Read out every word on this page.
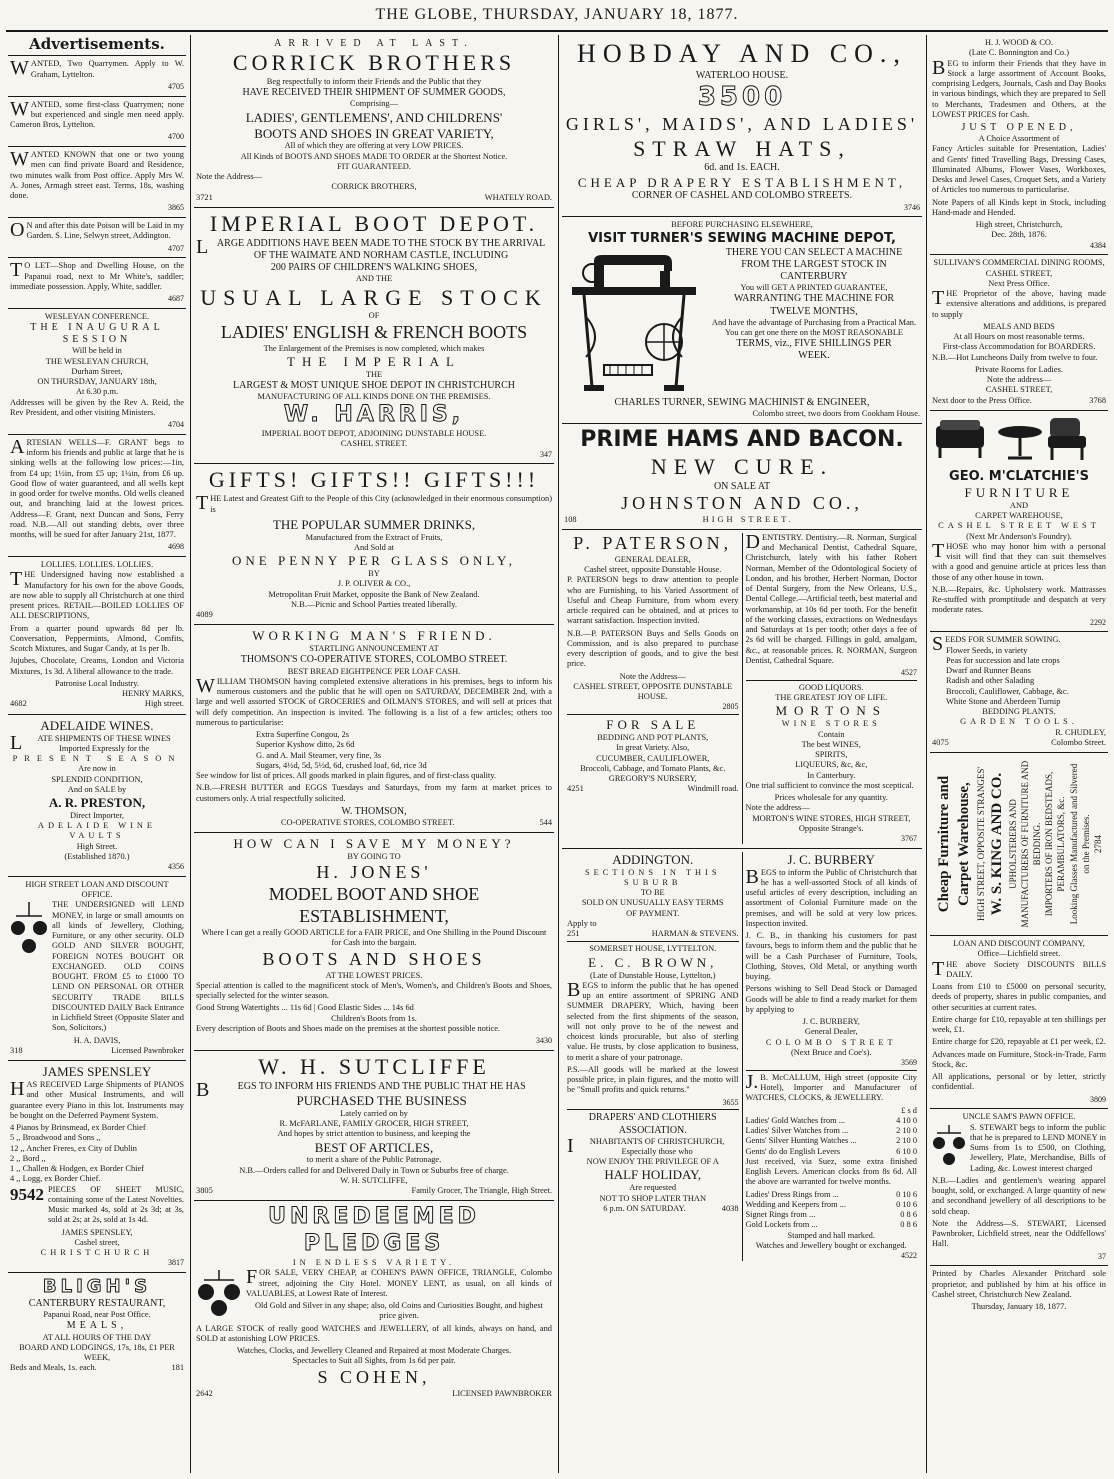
THE GLOBE, THURSDAY, JANUARY 18, 1877.
Advertisements.

WANTED, Two Quarrymen. Apply to W. Graham, Lyttelton.

4705

WANTED, some first-class Quarrymen; none but experienced and single men need apply. Cameron Bros, Lyttelton.

4700

WANTED KNOWN that one or two young men can find private Board and Residence, two minutes walk from Post office. Apply Mrs W. A. Jones, Armagh street east. Terms, 18s, washing done.

3865

ON and after this date Poison will be Laid in my Garden. S. Line, Selwyn street, Addington.

4707

TO LET—Shop and Dwelling House, on the Papanui road, next to Mr White's, saddler; immediate possession. Apply, White, saddler.

4687
WESLEYAN CONFERENCE.
THE INAUGURAL SESSION
Will be held in
THE WESLEYAN CHURCH,
Durham Street,
ON THURSDAY, JANUARY 18th,
At 6.30 p.m.

Addresses will be given by the Rev A. Reid, the Rev President, and other visiting Ministers.

4704

ARTESIAN WELLS—F. GRANT begs to inform his friends and public at large that he is sinking wells at the following low prices:—1in, from £4 up; 1½in, from £5 up; 1¼in, from £6 up. Good flow of water guaranteed, and all wells kept in good order for twelve months. Old wells cleaned out, and branching laid at the lowest prices. Address—F. Grant, next Duncan and Sons, Ferry road. N.B.—All out standing debts, over three months, will be sued for after January 21st, 1877.

4698
LOLLIES. LOLLIES. LOLLIES.

THE Undersigned having now established a Manufactory for his own for the above Goods, are now able to supply all Christchurch at one third present prices. RETAIL—BOILED LOLLIES OF ALL DESCRIPTIONS,

From a quarter pound upwards 8d per lb. Conversation, Peppermints, Almond, Comfits, Scotch Mixtures, and Sugar Candy, at 1s per lb.

Jujubes, Chocolate, Creams, London and Victoria Mixtures, 1s 3d. A liberal allowance to the trade.

Patronise Local Industry.
HENRY MARKS,
4682	High street.
ADELAIDE WINES.
LATE SHIPMENTS OF THESE WINES
Imported Expressly for the
PRESENT SEASON
Are now in
SPLENDID CONDITION,
And on SALE by
A. R. PRESTON,
Direct Importer,
ADELAIDE WINE VAULTS
High Street.
(Established 1870.)
4356
HIGH STREET LOAN AND DISCOUNT OFFICE.

THE UNDERSIGNED will LEND MONEY, in large or small amounts on all kinds of Jewellery, Clothing, Furniture, or any other security. OLD GOLD AND SILVER BOUGHT, FOREIGN NOTES BOUGHT OR EXCHANGED. OLD COINS BOUGHT. FROM £5 to £1000 TO LEND ON PERSONAL OR OTHER SECURITY TRADE BILLS DISCOUNTED DAILY Back Entrance in Lichfield Street (Opposite Slater and Son, Solicitors,)

H. A. DAVIS,
318	Licensed Pawnbroker
JAMES SPENSLEY

HAS RECEIVED Large Shipments of PIANOS and other Musical Instruments, and will guarantee every Piano in this lot. Instruments may be bought on the Deferred Payment System.

4 Pianos by Brinsmead, ex Border Chief
5 ,, Broadwood and Sons ,,
12 ,, Ancher Freres, ex City of Dublin
2 ,, Bord ,,
1 ,, Challen & Hodgen, ex Border Chief
4 ,, Logg, ex Border Chief.
9542 PIECES OF SHEET MUSIC, containing some of the Latest Novelties. Music marked 4s, sold at 2s 3d; at 3s, sold at 2s; at 2s, sold at 1s 4d.

JAMES SPENSLEY,
Cashel street,
CHRISTCHURCH
3817
BLIGH'S
CANTERBURY RESTAURANT,
Papanui Road, near Post Office.
MEALS,
AT ALL HOURS OF THE DAY
BOARD AND LODGINGS, 17s, 18s, £1 PER WEEK,
Beds and Meals, 1s. each.	181
ARRIVED AT LAST.
CORRICK BROTHERS
Beg respectfully to inform their Friends and the Public that they
HAVE RECEIVED THEIR SHIPMENT OF SUMMER GOODS,
Comprising—
LADIES', GENTLEMENS', AND CHILDRENS'
BOOTS AND SHOES IN GREAT VARIETY,
All of which they are offering at very LOW PRICES.
All Kinds of BOOTS AND SHOES MADE TO ORDER at the Shortest Notice.
FIT GUARANTEED.
Note the Address—
CORRICK BROTHERS,
3721	WHATELY ROAD.
IMPERIAL BOOT DEPOT.
LARGE ADDITIONS HAVE BEEN MADE TO THE STOCK BY THE ARRIVAL
OF THE WAIMATE AND NORHAM CASTLE, INCLUDING
200 PAIRS OF CHILDREN'S WALKING SHOES,
AND THE
USUAL LARGE STOCK
OF
LADIES' ENGLISH & FRENCH BOOTS
The Enlargement of the Premises is now completed, which makes
THE IMPERIAL
THE
LARGEST & MOST UNIQUE SHOE DEPOT IN CHRISTCHURCH
MANUFACTURING OF ALL KINDS DONE ON THE PREMISES.
W. HARRIS,
IMPERIAL BOOT DEPOT, ADJOINING DUNSTABLE HOUSE.
CASHEL STREET.
347
GIFTS! GIFTS!! GIFTS!!!

THE Latest and Greatest Gift to the People of this City (acknowledged in their enormous consumption) is

THE POPULAR SUMMER DRINKS,
Manufactured from the Extract of Fruits,
And Sold at
ONE PENNY PER GLASS ONLY,
BY
J. P. OLIVER & CO.,
Metropolitan Fruit Market, opposite the Bank of New Zealand.
N.B.—Picnic and School Parties treated liberally.
4089
WORKING MAN'S FRIEND.
STARTLING ANNOUNCEMENT AT
THOMSON'S CO-OPERATIVE STORES, COLOMBO STREET.
BEST BREAD EIGHTPENCE PER LOAF CASH.

WILLIAM THOMSON having completed extensive alterations in his premises, begs to inform his numerous customers and the public that he will open on SATURDAY, DECEMBER 2nd, with a large and well assorted STOCK of GROCERIES and OILMAN'S STORES, and will sell at prices that will defy competition. An inspection is invited. The following is a list of a few articles; others too numerous to particularise:

Extra Superfine Congou, 2s
Superior Kyshow ditto, 2s 6d
G. and A. Mail Steamer, very fine, 3s
Sugars, 4½d, 5d, 5½d, 6d, crushed loaf, 6d, rice 3d

See window for list of prices. All goods marked in plain figures, and of first-class quality.

N.B.—FRESH BUTTER and EGGS Tuesdays and Saturdays, from my farm at market prices to customers only. A trial respectfully solicited.

W. THOMSON,
CO-OPERATIVE STORES, COLOMBO STREET.	544
HOW CAN I SAVE MY MONEY?
BY GOING TO
H. JONES'
MODEL BOOT AND SHOE ESTABLISHMENT,
Where I can get a really GOOD ARTICLE for a FAIR PRICE, and One Shilling in the Pound Discount for Cash into the bargain.
BOOTS AND SHOES
AT THE LOWEST PRICES.

Special attention is called to the magnificent stock of Men's, Women's, and Children's Boots and Shoes, specially selected for the winter season.

Good Strong Watertights ... 11s 6d | Good Elastic Sides ... 14s 6d
Children's Boots from 1s.

Every description of Boots and Shoes made on the premises at the shortest possible notice.

3430
W. H. SUTCLIFFE
BEGS TO INFORM HIS FRIENDS AND THE PUBLIC THAT HE HAS
PURCHASED THE BUSINESS
Lately carried on by
R. McFARLANE, FAMILY GROCER, HIGH STREET,
And hopes by strict attention to business, and keeping the
BEST OF ARTICLES,
to merit a share of the Public Patronage.
N.B.—Orders called for and Delivered Daily in Town or Suburbs free of charge.
W. H. SUTCLIFFE,
3805	Family Grocer, The Triangle, High Street.
UNREDEEMED PLEDGES
IN ENDLESS VARIETY.

FOR SALE, VERY CHEAP, at COHEN'S PAWN OFFICE, TRIANGLE, Colombo street, adjoining the City Hotel. MONEY LENT, as usual, on all kinds of VALUABLES, at Lowest Rate of Interest.

Old Gold and Silver in any shape; also, old Coins and Curiosities Bought, and highest price given.

A LARGE STOCK of really good WATCHES and JEWELLERY, of all kinds, always on hand, and SOLD at astonishing LOW PRICES.

Watches, Clocks, and Jewellery Cleaned and Repaired at most Moderate Charges.
Spectacles to Suit all Sights, from 1s 6d per pair.
S COHEN,
2642	LICENSED PAWNBROKER
HOBDAY AND CO.,
WATERLOO HOUSE.
3500
GIRLS', MAIDS', AND LADIES'
STRAW HATS,
6d. and 1s. EACH.
CHEAP DRAPERY ESTABLISHMENT,
CORNER OF CASHEL AND COLOMBO STREETS.
3746
BEFORE PURCHASING ELSEWHERE,
VISIT TURNER'S SEWING MACHINE DEPOT,
THERE YOU CAN SELECT A MACHINE
FROM THE LARGEST STOCK IN
CANTERBURY
You will GET A PRINTED GUARANTEE,
WARRANTING THE MACHINE FOR
TWELVE MONTHS,
And have the advantage of Purchasing from a Practical Man.
You can get one there on the MOST REASONABLE
TERMS, viz., FIVE SHILLINGS PER
WEEK.
CHARLES TURNER, SEWING MACHINIST & ENGINEER,
Colombo street, two doors from Cookham House.
PRIME HAMS AND BACON.
NEW CURE.
ON SALE AT
JOHNSTON AND CO.,
108	HIGH STREET.
P. PATERSON,
GENERAL DEALER,
Cashel street, opposite Dunstable House.

P. PATERSON begs to draw attention to people who are Furnishing, to his Varied Assortment of Useful and Cheap Furniture, from whom every article required can be obtained, and at prices to warrant satisfaction. Inspection invited.

N.B.—P. PATERSON Buys and Sells Goods on Commission, and is also prepared to purchase every description of goods, and to give the best price.

Note the Address—
CASHEL STREET, OPPOSITE DUNSTABLE HOUSE.
2805
FOR SALE
BEDDING AND POT PLANTS,
In great Variety. Also,
CUCUMBER, CAULIFLOWER,
Broccoli, Cabbage, and Tomato Plants, &c.
GREGORY'S NURSERY,
4251	Windmill road.

DENTISTRY. Dentistry.—R. Norman, Surgical and Mechanical Dentist, Cathedral Square, Christchurch, lately with his father Robert Norman, Member of the Odontological Society of London, and his brother, Herbert Norman, Doctor of Dental Surgery, from the New Orleans, U.S., Dental College.—Artificial teeth, best material and workmanship, at 10s 6d per tooth. For the benefit of the working classes, extractions on Wednesdays and Saturdays at 1s per tooth; other days a fee of 2s 6d will be charged. Fillings in gold, amalgam, &c., at reasonable prices. R. NORMAN, Surgeon Dentist, Cathedral Square.

4527
GOOD LIQUORS.
THE GREATEST JOY OF LIFE.
MORTONS
WINE STORES
Contain
The best WINES,
SPIRITS,
LIQUEURS, &c, &c,
In Canterbury.

One trial sufficient to convince the most sceptical.

Prices wholesale for any quantity.
Note the address—
MORTON'S WINE STORES, HIGH STREET,
Opposite Strange's.
3767
ADDINGTON.
SECTIONS IN THIS SUBURB
TO BE
SOLD ON UNUSUALLY EASY TERMS
OF PAYMENT.
Apply to
251	HARMAN & STEVENS.
SOMERSET HOUSE, LYTTELTON.
E. C. BROWN,
(Late of Dunstable House, Lyttelton,)

BEGS to inform the public that he has opened up an entire assortment of SPRING AND SUMMER DRAPERY, Which, having been selected from the first shipments of the season, will not only prove to be of the newest and choicest kinds procurable, but also of sterling value. He trusts, by close application to business, to merit a share of your patronage.

P.S.—All goods will be marked at the lowest possible price, in plain figures, and the motto will be "Small profits and quick returns."

3655
DRAPERS' AND CLOTHIERS ASSOCIATION.
INHABITANTS OF CHRISTCHURCH,
Especially those who
NOW ENJOY THE PRIVILEGE OF A
HALF HOLIDAY,
Are requested
NOT TO SHOP LATER THAN
6 p.m. ON SATURDAY.	4038
J. C. BURBERY

BEGS to inform the Public of Christchurch that he has a well-assorted Stock of all kinds of useful articles of every description, including an assortment of Colonial Furniture made on the premises, and will be sold at very low prices. Inspection invited.

J. C. B., in thanking his customers for past favours, begs to inform them and the public that he will be a Cash Purchaser of Furniture, Tools, Clothing, Stoves, Old Metal, or anything worth buying.

Persons wishing to Sell Dead Stock or Damaged Goods will be able to find a ready market for them by applying to

J. C. BURBERY,
General Dealer,
COLOMBO STREET
(Next Bruce and Coe's).
3569

J.B. McCALLUM, High street (opposite City Hotel), Importer and Manufacturer of WATCHES, CLOCKS, & JEWELLERY.

£ s d
Ladies' Gold Watches from ...	4 10 0
Ladies' Silver Watches from ...	2 10 0
Gents' Silver Hunting Watches ...	2 10 0
Gents' do do English Levers	6 10 0

Just received, via Suez, some extra finished English Levers. American clocks from 8s 6d. All the above are warranted for twelve months.

Ladies' Dress Rings from ...	0 10 6
Wedding and Keepers from ...	0 10 6
Signet Rings from ...	0 8 6
Gold Lockets from ...	0 8 6
Stamped and hall marked.
Watches and Jewellery bought or exchanged.
4522
H. J. WOOD & CO.
(Late C. Bonnington and Co.)

BEG to inform their Friends that they have in Stock a large assortment of Account Books, comprising Ledgers, Journals, Cash and Day Books in various bindings, which they are prepared to Sell to Merchants, Tradesmen and Others, at the LOWEST PRICES for Cash.

JUST OPENED,
A Choice Assortment of

Fancy Articles suitable for Presentation, Ladies' and Gents' fitted Travelling Bags, Dressing Cases, Illuminated Albums, Flower Vases, Workboxes, Desks and Jewel Cases, Croquet Sets, and a Variety of Articles too numerous to particularise.

Note Papers of all Kinds kept in Stock, including Hand-made and Hended.

High street, Christchurch,
Dec. 28th, 1876.
4384
SULLIVAN'S COMMERCIAL DINING ROOMS, CASHEL STREET,
Next Press Office.

THE Proprietor of the above, having made extensive alterations and additions, is prepared to supply

MEALS AND BEDS
At all Hours on most reasonable terms.
First-class Accommodation for BOARDERS.

N.B.—Hot Luncheons Daily from twelve to four.

Private Rooms for Ladies.
Note the address—
CASHEL STREET,
Next door to the Press Office.	3768
GEO. M'CLATCHIE'S
FURNITURE
AND
CARPET WAREHOUSE,
CASHEL STREET WEST
(Next Mr Anderson's Foundry).

THOSE who may honor him with a personal visit will find that they can suit themselves with a good and genuine article at prices less than those of any other house in town.

N.B.—Repairs, &c. Upholstery work. Mattrasses Re-stuffed with promptitude and despatch at very moderate rates.

2292
SEEDS FOR SUMMER SOWING.
Flower Seeds, in variety
Peas for succession and late crops
Dwarf and Runner Beans
Radish and other Salading
Broccoli, Cauliflower, Cabbage, &c.
White Stone and Aberdeen Turnip
BEDDING PLANTS.
GARDEN TOOLS.
R. CHUDLEY,
4075	Colombo Street.
Cheap Furniture and Carpet Warehouse, HIGH STREET, OPPOSITE STRANGES' W. S. KING AND CO. UPHOLSTERERS AND MANUFACTURERS OF FURNITURE AND BEDDING. IMPORTERS OF IRON BEDSTEADS, PERAMBULATORS, &c. Looking Glasses Manufactured and Silvered on the Premises. 2784
LOAN AND DISCOUNT COMPANY,
Office—Lichfield street.

THE above Society DISCOUNTS BILLS DAILY.

Loans from £10 to £5000 on personal security, deeds of property, shares in public companies, and other securities at current rates.

Entire charge for £10, repayable at ten shillings per week, £1.

Entire charge for £20, repayable at £1 per week, £2.

Advances made on Furniture, Stock-in-Trade, Farm Stock, &c.

All applications, personal or by letter, strictly confidential.

3809
UNCLE SAM'S PAWN OFFICE.

S. STEWART begs to inform the public that he is prepared to LEND MONEY in Sums from 1s to £500, on Clothing, Jewellery, Plate, Merchandise, Bills of Lading, &c. Lowest interest charged

N.B.—Ladies and gentlemen's wearing apparel bought, sold, or exchanged. A large quantity of new and secondhand jewellery of all descriptions to be sold cheap.

Note the Address—S. STEWART, Licensed Pawnbroker, Lichfield street, near the Oddfellows' Hall.

37

Printed by Charles Alexander Pritchard sole proprietor, and published by him at his office in Cashel street, Christchurch New Zealand.

Thursday, January 18, 1877.
